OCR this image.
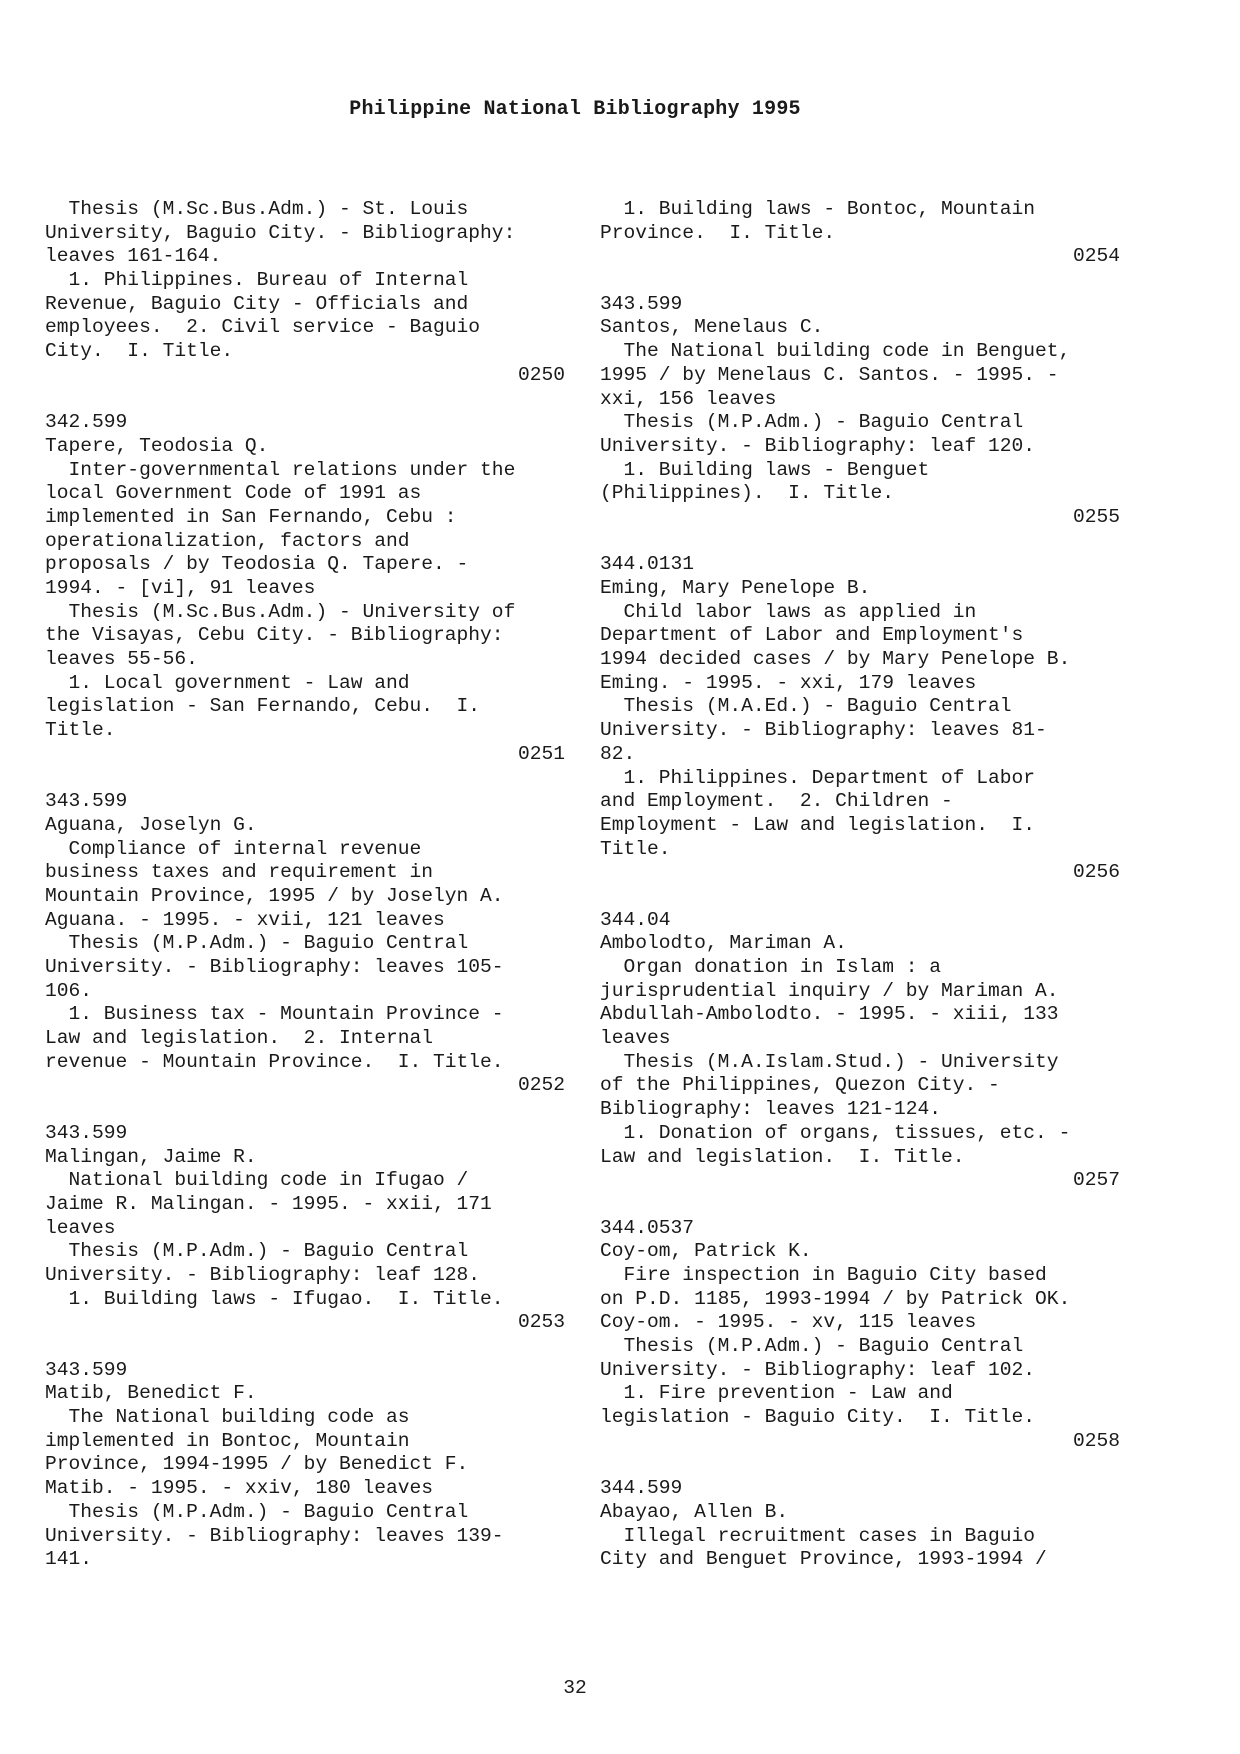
Philippine National Bibliography 1995
Thesis (M.Sc.Bus.Adm.) - St. Louis
University, Baguio City. - Bibliography:
leaves 161-164.
1. Philippines. Bureau of Internal
Revenue, Baguio City - Officials and
employees.  2. Civil service - Baguio
City.  I. Title.
0250
342.599
Tapere, Teodosia Q.
Inter-governmental relations under the
local Government Code of 1991 as
implemented in San Fernando, Cebu :
operationalization, factors and
proposals / by Teodosia Q. Tapere. -
1994. - [vi], 91 leaves
Thesis (M.Sc.Bus.Adm.) - University of
the Visayas, Cebu City. - Bibliography:
leaves 55-56.
1. Local government - Law and
legislation - San Fernando, Cebu.  I.
Title.
0251
343.599
Aguana, Joselyn G.
Compliance of internal revenue
business taxes and requirement in
Mountain Province, 1995 / by Joselyn A.
Aguana. - 1995. - xvii, 121 leaves
Thesis (M.P.Adm.) - Baguio Central
University. - Bibliography: leaves 105-
106.
1. Business tax - Mountain Province -
Law and legislation.  2. Internal
revenue - Mountain Province.  I. Title.
0252
343.599
Malingan, Jaime R.
National building code in Ifugao /
Jaime R. Malingan. - 1995. - xxii, 171
leaves
Thesis (M.P.Adm.) - Baguio Central
University. - Bibliography: leaf 128.
1. Building laws - Ifugao.  I. Title.
0253
343.599
Matib, Benedict F.
The National building code as
implemented in Bontoc, Mountain
Province, 1994-1995 / by Benedict F.
Matib. - 1995. - xxiv, 180 leaves
Thesis (M.P.Adm.) - Baguio Central
University. - Bibliography: leaves 139-
141.
1. Building laws - Bontoc, Mountain
Province.  I. Title.
0254
343.599
Santos, Menelaus C.
The National building code in Benguet,
1995 / by Menelaus C. Santos. - 1995. -
xxi, 156 leaves
Thesis (M.P.Adm.) - Baguio Central
University. - Bibliography: leaf 120.
1. Building laws - Benguet
(Philippines).  I. Title.
0255
344.0131
Eming, Mary Penelope B.
Child labor laws as applied in
Department of Labor and Employment's
1994 decided cases / by Mary Penelope B.
Eming. - 1995. - xxi, 179 leaves
Thesis (M.A.Ed.) - Baguio Central
University. - Bibliography: leaves 81-
82.
1. Philippines. Department of Labor
and Employment.  2. Children -
Employment - Law and legislation.  I.
Title.
0256
344.04
Ambolodto, Mariman A.
Organ donation in Islam : a
jurisprudential inquiry / by Mariman A.
Abdullah-Ambolodto. - 1995. - xiii, 133
leaves
Thesis (M.A.Islam.Stud.) - University
of the Philippines, Quezon City. -
Bibliography: leaves 121-124.
1. Donation of organs, tissues, etc. -
Law and legislation.  I. Title.
0257
344.0537
Coy-om, Patrick K.
Fire inspection in Baguio City based
on P.D. 1185, 1993-1994 / by Patrick OK.
Coy-om. - 1995. - xv, 115 leaves
Thesis (M.P.Adm.) - Baguio Central
University. - Bibliography: leaf 102.
1. Fire prevention - Law and
legislation - Baguio City.  I. Title.
0258
344.599
Abayao, Allen B.
Illegal recruitment cases in Baguio
City and Benguet Province, 1993-1994 /
32
